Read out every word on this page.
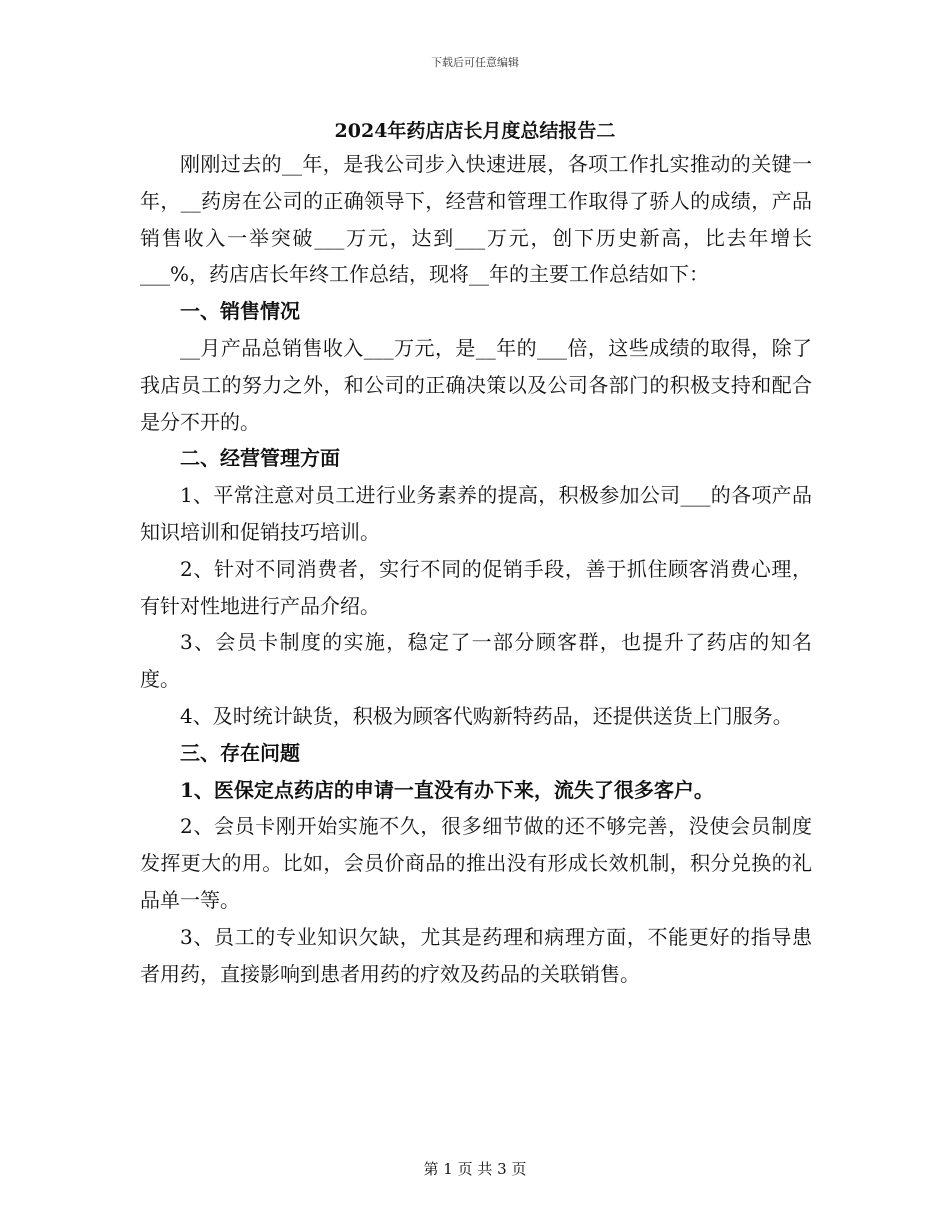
下载后可任意编辑
2024年药店店长月度总结报告二

刚刚过去的__年，是我公司步入快速进展，各项工作扎实推动的关键一年，__药房在公司的正确领导下，经营和管理工作取得了骄人的成绩，产品销售收入一举突破___万元，达到___万元，创下历史新高，比去年增长___%，药店店长年终工作总结，现将__年的主要工作总结如下：

一、销售情况

__月产品总销售收入___万元，是__年的___倍，这些成绩的取得，除了我店员工的努力之外，和公司的正确决策以及公司各部门的积极支持和配合是分不开的。

二、经营管理方面

1、平常注意对员工进行业务素养的提高，积极参加公司___的各项产品知识培训和促销技巧培训。

2、针对不同消费者，实行不同的促销手段，善于抓住顾客消费心理，有针对性地进行产品介绍。

3、会员卡制度的实施，稳定了一部分顾客群，也提升了药店的知名度。

4、及时统计缺货，积极为顾客代购新特药品，还提供送货上门服务。

三、存在问题

1、医保定点药店的申请一直没有办下来，流失了很多客户。

2、会员卡刚开始实施不久，很多细节做的还不够完善，没使会员制度发挥更大的用。比如，会员价商品的推出没有形成长效机制，积分兑换的礼品单一等。

3、员工的专业知识欠缺，尤其是药理和病理方面，不能更好的指导患者用药，直接影响到患者用药的疗效及药品的关联销售。

第 1 页 共 3 页
